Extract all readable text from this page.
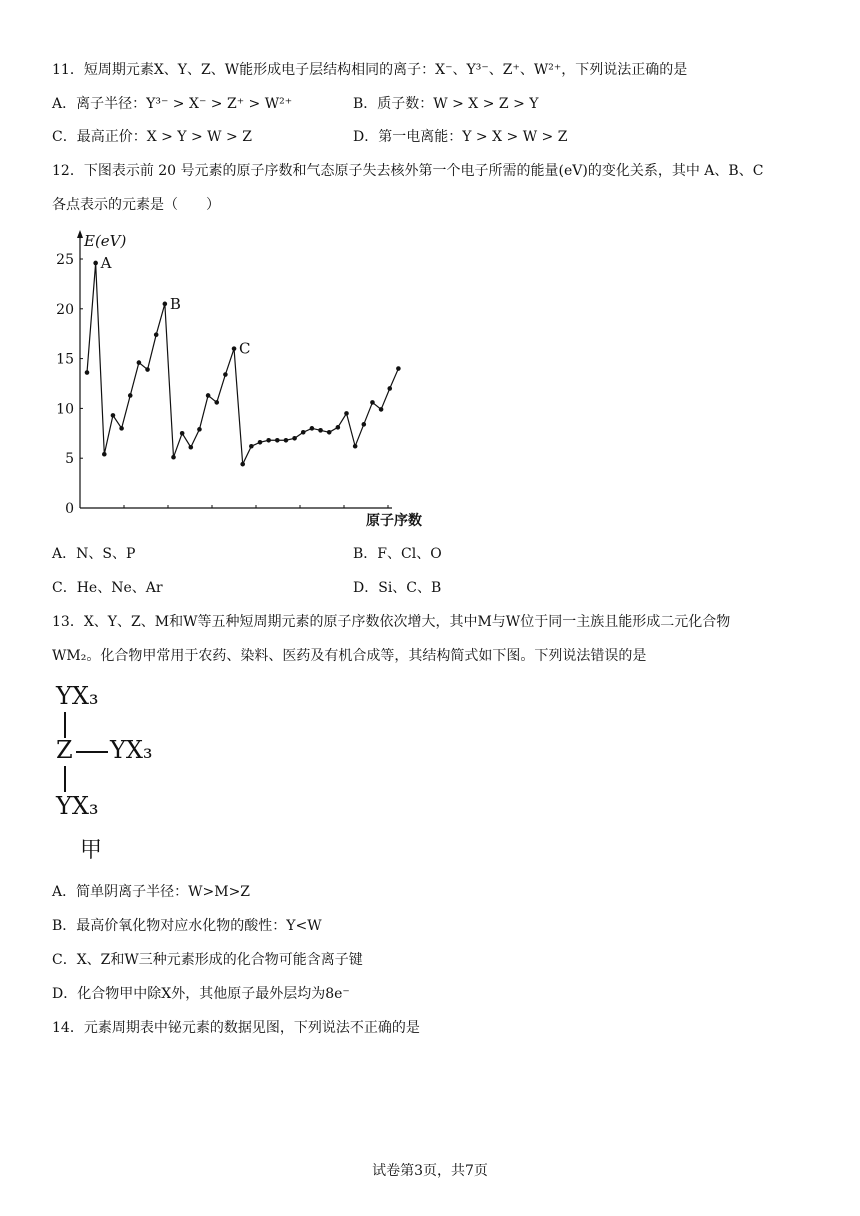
11．短周期元素X、Y、Z、W能形成电子层结构相同的离子：X⁻、Y³⁻、Z⁺、W²⁺，下列说法正确的是
A．离子半径：Y³⁻ > X⁻ > Z⁺ > W²⁺	B．质子数：W > X > Z > Y
C．最高正价：X > Y > W > Z	D．第一电离能：Y > X > W > Z
12．下图表示前 20 号元素的原子序数和气态原子失去核外第一个电子所需的能量(eV)的变化关系，其中 A、B、C
各点表示的元素是（　　）
E(eV)
原子序数
0
5
10
15
20
25 A
B
C
A．N、S、P	B．F、Cl、O
C．He、Ne、Ar	D．Si、C、B
13．X、Y、Z、M和W等五种短周期元素的原子序数依次增大，其中M与W位于同一主族且能形成二元化合物
WM₂。化合物甲常用于农药、染料、医药及有机合成等，其结构简式如下图。下列说法错误的是
YX₃
Z YX₃
YX₃
甲
A．简单阴离子半径：W>M>Z
B．最高价氧化物对应水化物的酸性：Y<W
C．X、Z和W三种元素形成的化合物可能含离子键
D．化合物甲中除X外，其他原子最外层均为8e⁻
14．元素周期表中铋元素的数据见图，下列说法不正确的是
试卷第3页，共7页
